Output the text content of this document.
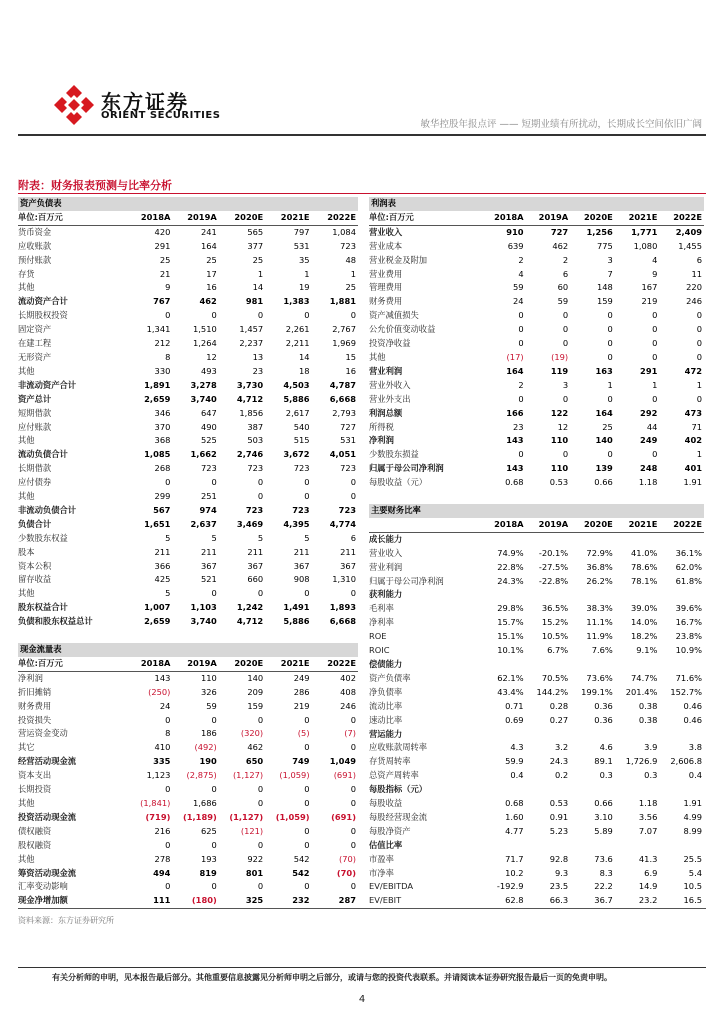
东方证券
ORIENT SECURITIES
敏华控股年报点评 —— 短期业绩有所扰动，长期成长空间依旧广阔
附表：财务报表预测与比率分析
资产负债表					
单位:百万元	2018A	2019A	2020E	2021E	2022E
货币资金	420	241	565	797	1,084
应收账款	291	164	377	531	723
预付账款	25	25	25	35	48
存货	21	17	1	1	1
其他	9	16	14	19	25
流动资产合计	767	462	981	1,383	1,881
长期股权投资	0	0	0	0	0
固定资产	1,341	1,510	1,457	2,261	2,767
在建工程	212	1,264	2,237	2,211	1,969
无形资产	8	12	13	14	15
其他	330	493	23	18	16
非流动资产合计	1,891	3,278	3,730	4,503	4,787
资产总计	2,659	3,740	4,712	5,886	6,668
短期借款	346	647	1,856	2,617	2,793
应付账款	370	490	387	540	727
其他	368	525	503	515	531
流动负债合计	1,085	1,662	2,746	3,672	4,051
长期借款	268	723	723	723	723
应付债券	0	0	0	0	0
其他	299	251	0	0	0
非流动负债合计	567	974	723	723	723
负债合计	1,651	2,637	3,469	4,395	4,774
少数股东权益	5	5	5	5	6
股本	211	211	211	211	211
资本公积	366	367	367	367	367
留存收益	425	521	660	908	1,310
其他	5	0	0	0	0
股东权益合计	1,007	1,103	1,242	1,491	1,893
负债和股东权益总计	2,659	3,740	4,712	5,886	6,668
现金流量表					
单位:百万元	2018A	2019A	2020E	2021E	2022E
净利润	143	110	140	249	402
折旧摊销	(250)	326	209	286	408
财务费用	24	59	159	219	246
投资损失	0	0	0	0	0
营运资金变动	8	186	(320)	(5)	(7)
其它	410	(492)	462	0	0
经营活动现金流	335	190	650	749	1,049
资本支出	1,123	(2,875)	(1,127)	(1,059)	(691)
长期投资	0	0	0	0	0
其他	(1,841)	1,686	0	0	0
投资活动现金流	(719)	(1,189)	(1,127)	(1,059)	(691)
债权融资	216	625	(121)	0	0
股权融资	0	0	0	0	0
其他	278	193	922	542	(70)
筹资活动现金流	494	819	801	542	(70)
汇率变动影响	0	0	0	0	0
现金净增加额	111	(180)	325	232	287
利润表					
单位:百万元	2018A	2019A	2020E	2021E	2022E
营业收入	910	727	1,256	1,771	2,409
营业成本	639	462	775	1,080	1,455
营业税金及附加	2	2	3	4	6
营业费用	4	6	7	9	11
管理费用	59	60	148	167	220
财务费用	24	59	159	219	246
资产减值损失	0	0	0	0	0
公允价值变动收益	0	0	0	0	0
投资净收益	0	0	0	0	0
其他	(17)	(19)	0	0	0
营业利润	164	119	163	291	472
营业外收入	2	3	1	1	1
营业外支出	0	0	0	0	0
利润总额	166	122	164	292	473
所得税	23	12	25	44	71
净利润	143	110	140	249	402
少数股东损益	0	0	0	0	1
归属于母公司净利润	143	110	139	248	401
每股收益（元）	0.68	0.53	0.66	1.18	1.91
主要财务比率					
	2018A	2019A	2020E	2021E	2022E
成长能力					
营业收入	74.9%	-20.1%	72.9%	41.0%	36.1%
营业利润	22.8%	-27.5%	36.8%	78.6%	62.0%
归属于母公司净利润	24.3%	-22.8%	26.2%	78.1%	61.8%
获利能力					
毛利率	29.8%	36.5%	38.3%	39.0%	39.6%
净利率	15.7%	15.2%	11.1%	14.0%	16.7%
ROE	15.1%	10.5%	11.9%	18.2%	23.8%
ROIC	10.1%	6.7%	7.6%	9.1%	10.9%
偿债能力					
资产负债率	62.1%	70.5%	73.6%	74.7%	71.6%
净负债率	43.4%	144.2%	199.1%	201.4%	152.7%
流动比率	0.71	0.28	0.36	0.38	0.46
速动比率	0.69	0.27	0.36	0.38	0.46
营运能力					
应收账款周转率	4.3	3.2	4.6	3.9	3.8
存货周转率	59.9	24.3	89.1	1,726.9	2,606.8
总资产周转率	0.4	0.2	0.3	0.3	0.4
每股指标（元）					
每股收益	0.68	0.53	0.66	1.18	1.91
每股经营现金流	1.60	0.91	3.10	3.56	4.99
每股净资产	4.77	5.23	5.89	7.07	8.99
估值比率					
市盈率	71.7	92.8	73.6	41.3	25.5
市净率	10.2	9.3	8.3	6.9	5.4
EV/EBITDA	-192.9	23.5	22.2	14.9	10.5
EV/EBIT	62.8	66.3	36.7	23.2	16.5
资料来源：东方证券研究所
有关分析师的申明，见本报告最后部分。其他重要信息披露见分析师申明之后部分，或请与您的投资代表联系。并请阅读本证券研究报告最后一页的免责申明。
4
